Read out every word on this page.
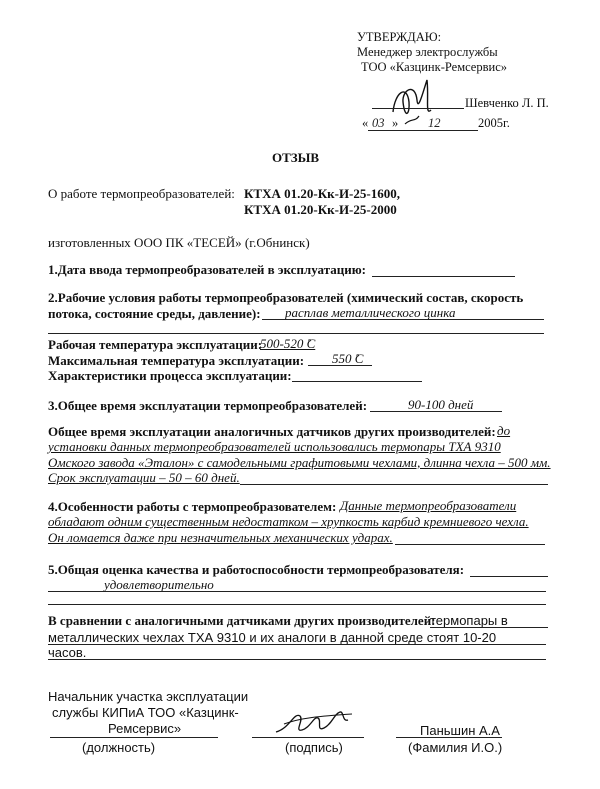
УТВЕРЖДАЮ:
Менеджер электрослужбы
ТОО «Казцинк-Ремсервис»
Шевченко Л. П.
« 03 » 12	2005г.
ОТЗЫВ
О работе термопреобразователей: КТХА 01.20-Кк-И-25-1600,
КТХА 01.20-Кк-И-25-2000
изготовленных ООО ПК «ТЕСЕЙ» (г.Обнинск)
1.Дата ввода термопреобразователей в эксплуатацию:
2.Рабочие условия работы термопреобразователей (химический состав, скорость
потока, состояние среды, давление): расплав металлического цинка
Рабочая температура эксплуатации:
500-520 ̊С
Максимальная температура эксплуатации: 550 ̊С
Характеристики процесса эксплуатации:
3.Общее время эксплуатации термопреобразователей:	90-100 дней
Общее время эксплуатации аналогичных датчиков других производителей: до
установки данных термопреобразователей использовались термопары ТХА 9310
Омского завода «Эталон» с самодельными графитовыми чехлами, длинна чехла – 500 мм.
Срок эксплуатации – 50 – 60 дней.
4.Особенности работы с термопреобразователем: Данные термопреобразователи
обладают одним существенным недостатком – хрупкость карбид кремниевого чехла.
Он ломается даже при незначительных механических ударах.
5.Общая оценка качества и работоспособности термопреобразователя:
удовлетворительно
В сравнении с аналогичными датчиками других производителей:
термопары в
металлических чехлах ТХА 9310 и их аналоги в данной среде стоят 10-20
часов.
Начальник участка эксплуатации
службы КИПиА ТОО «Казцинк-
Ремсервис»	Паньшин А.А
(должность)	(подпись)	(Фамилия И.О.)
